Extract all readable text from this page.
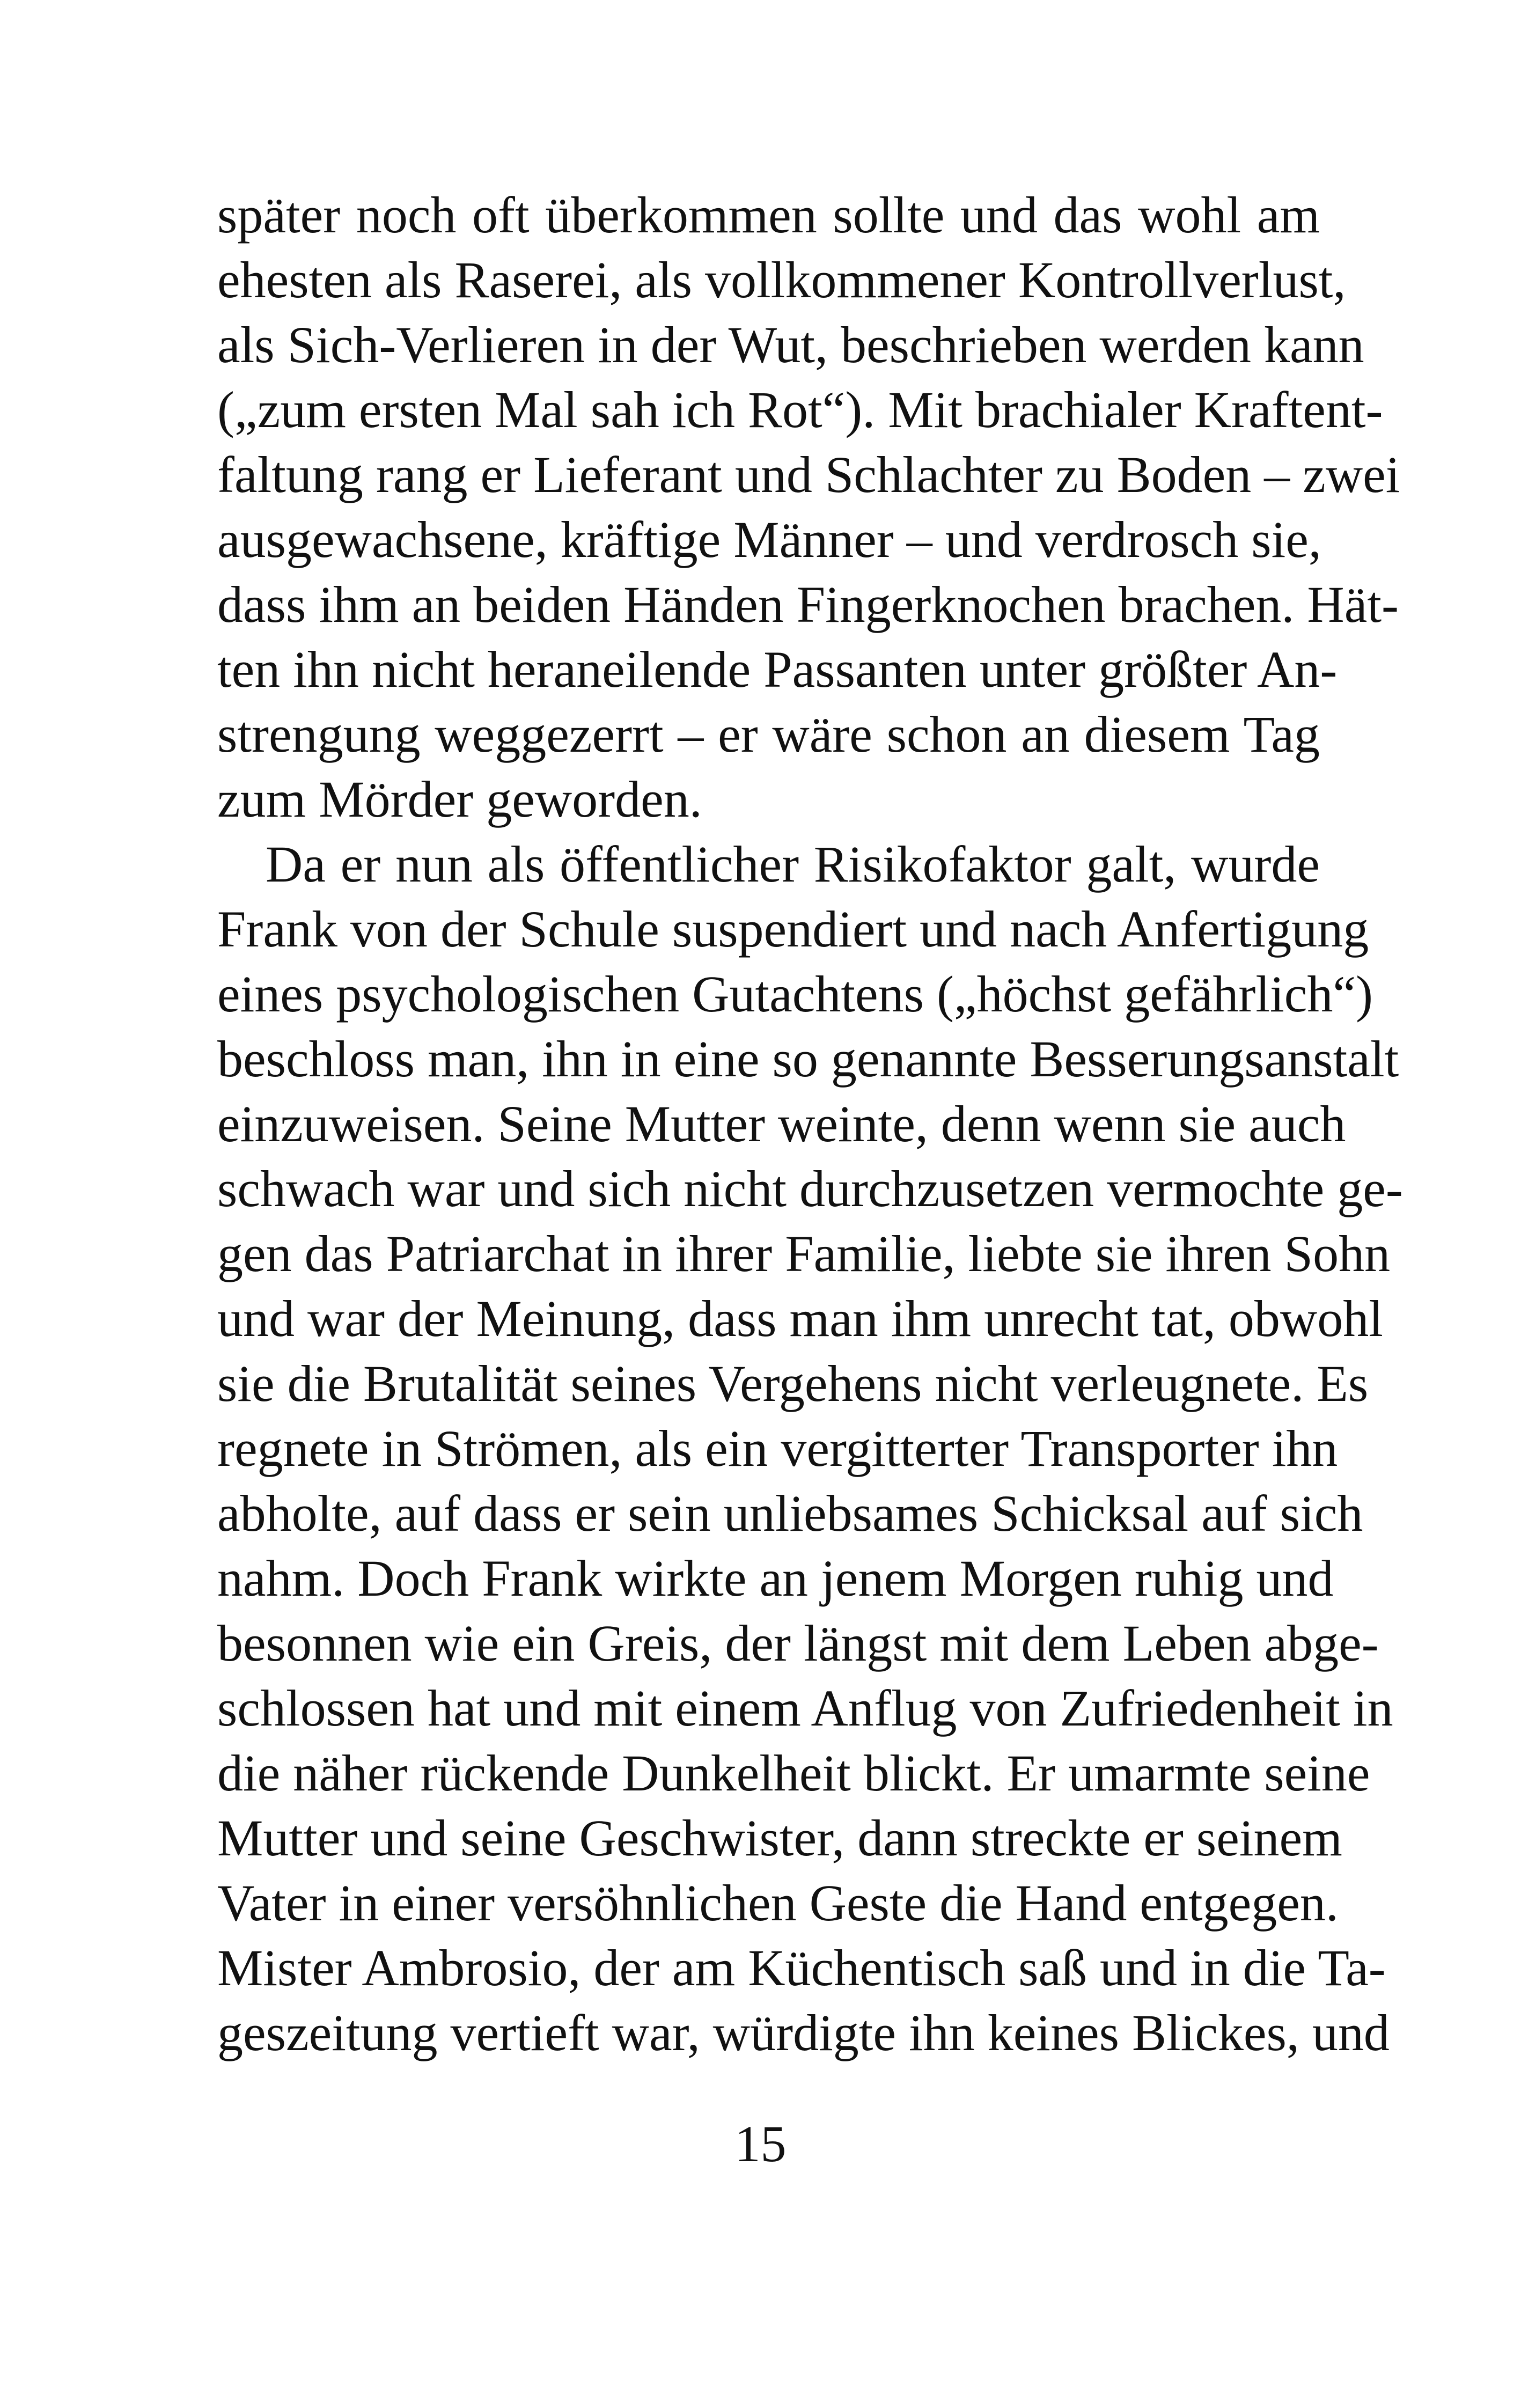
später noch oft überkommen sollte und das wohl am
ehesten als Raserei, als vollkommener Kontrollverlust,
als Sich-Verlieren in der Wut, beschrieben werden kann
(„zum ersten Mal sah ich Rot“). Mit brachialer Kraftent-
faltung rang er Lieferant und Schlachter zu Boden – zwei
ausgewachsene, kräftige Männer – und verdrosch sie,
dass ihm an beiden Händen Fingerknochen brachen. Hät-
ten ihn nicht heraneilende Passanten unter größter An-
strengung weggezerrt – er wäre schon an diesem Tag
zum Mörder geworden.
Da er nun als öffentlicher Risikofaktor galt, wurde
Frank von der Schule suspendiert und nach Anfertigung
eines psychologischen Gutachtens („höchst gefährlich“)
beschloss man, ihn in eine so genannte Besserungsanstalt
einzuweisen. Seine Mutter weinte, denn wenn sie auch
schwach war und sich nicht durchzusetzen vermochte ge-
gen das Patriarchat in ihrer Familie, liebte sie ihren Sohn
und war der Meinung, dass man ihm unrecht tat, obwohl
sie die Brutalität seines Vergehens nicht verleugnete. Es
regnete in Strömen, als ein vergitterter Transporter ihn
abholte, auf dass er sein unliebsames Schicksal auf sich
nahm. Doch Frank wirkte an jenem Morgen ruhig und
besonnen wie ein Greis, der längst mit dem Leben abge-
schlossen hat und mit einem Anflug von Zufriedenheit in
die näher rückende Dunkelheit blickt. Er umarmte seine
Mutter und seine Geschwister, dann streckte er seinem
Vater in einer versöhnlichen Geste die Hand entgegen.
Mister Ambrosio, der am Küchentisch saß und in die Ta-
geszeitung vertieft war, würdigte ihn keines Blickes, und
15
